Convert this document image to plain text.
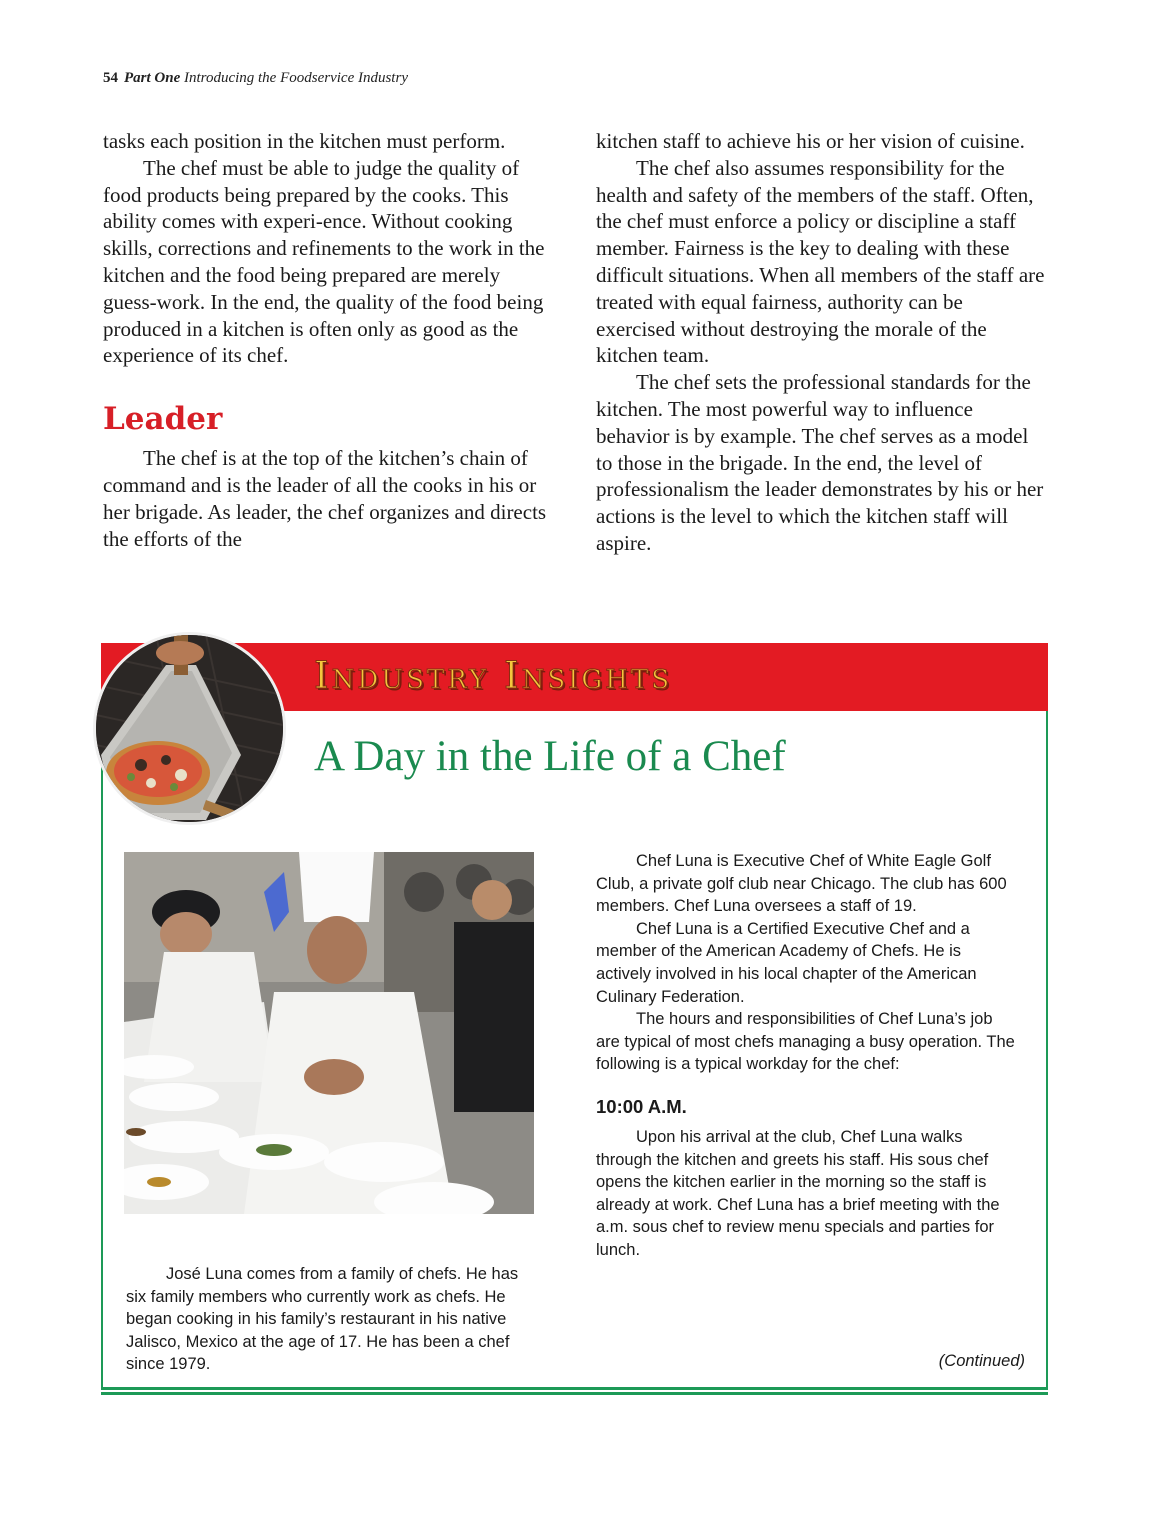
54 Part One Introducing the Foodservice Industry

tasks each position in the kitchen must perform.

The chef must be able to judge the quality of food products being prepared by the cooks. This ability comes with experi-ence. Without cooking skills, corrections and refinements to the work in the kitchen and the food being prepared are merely guess-work. In the end, the quality of the food being produced in a kitchen is often only as good as the experience of its chef.

Leader

The chef is at the top of the kitchen’s chain of command and is the leader of all the cooks in his or her brigade. As leader, the chef organizes and directs the efforts of the

kitchen staff to achieve his or her vision of cuisine.

The chef also assumes responsibility for the health and safety of the members of the staff. Often, the chef must enforce a policy or discipline a staff member. Fairness is the key to dealing with these difficult situations. When all members of the staff are treated with equal fairness, authority can be exercised without destroying the morale of the kitchen team.

The chef sets the professional standards for the kitchen. The most powerful way to influence behavior is by example. The chef serves as a model to those in the brigade. In the end, the level of professionalism the leader demonstrates by his or her actions is the level to which the kitchen staff will aspire.

Industry Insights
A Day in the Life of a Chef

José Luna comes from a family of chefs. He has six family members who currently work as chefs. He began cooking in his family’s restaurant in his native Jalisco, Mexico at the age of 17. He has been a chef since 1979.

Chef Luna is Executive Chef of White Eagle Golf Club, a private golf club near Chicago. The club has 600 members. Chef Luna oversees a staff of 19.

Chef Luna is a Certified Executive Chef and a member of the American Academy of Chefs. He is actively involved in his local chapter of the American Culinary Federation.

The hours and responsibilities of Chef Luna’s job are typical of most chefs managing a busy operation. The following is a typical workday for the chef:

10:00 A.M.

Upon his arrival at the club, Chef Luna walks through the kitchen and greets his staff. His sous chef opens the kitchen earlier in the morning so the staff is already at work. Chef Luna has a brief meeting with the a.m. sous chef to review menu specials and parties for lunch.

(Continued)
